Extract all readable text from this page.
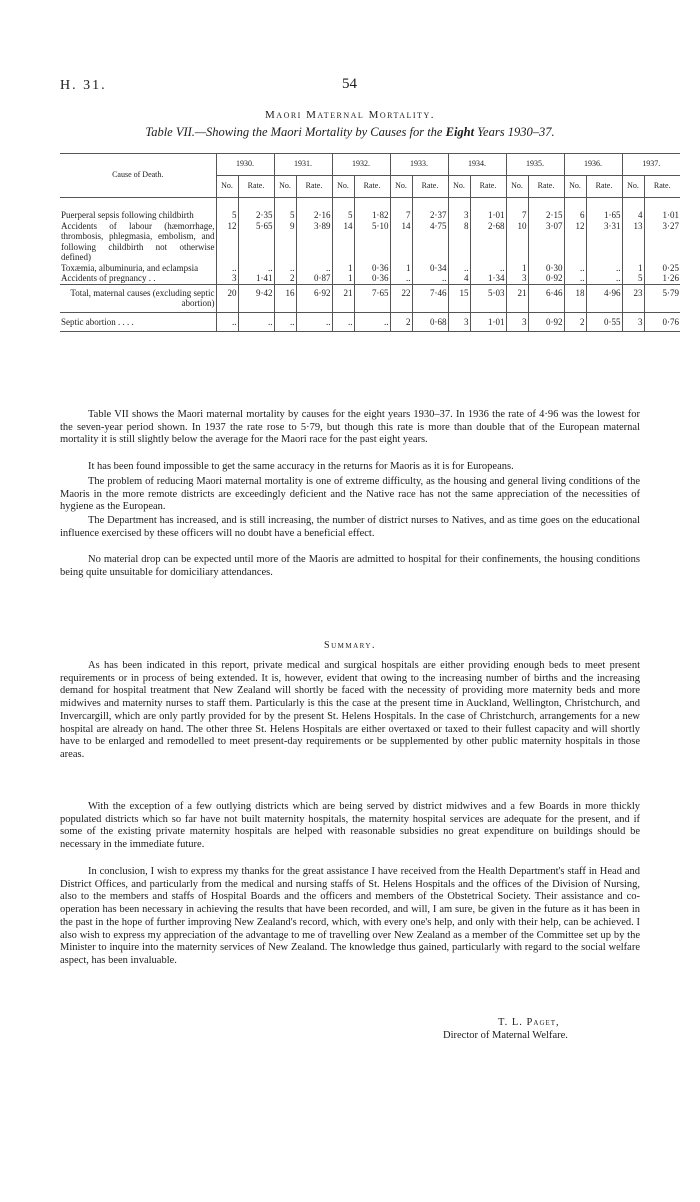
H. 31.	54
Maori Maternal Mortality.
Table VII.—Showing the Maori Mortality by Causes for the Eight Years 1930–37.
Cause of Death.	1930.		1931.		1932.		1933.		1934.		1935.		1936.		1937.	
	No.	Rate.	No.	Rate.	No.	Rate.	No.	Rate.	No.	Rate.	No.	Rate.	No.	Rate.	No.	Rate.
Puerperal sepsis following childbirth	5	2·35	5	2·16	5	1·82	7	2·37	3	1·01	7	2·15	6	1·65	4	1·01
Accidents of labour (hæmorrhage, thrombosis, phlegmasia, embolism, and following childbirth not otherwise defined)	12	5·65	9	3·89	14	5·10	14	4·75	8	2·68	10	3·07	12	3·31	13	3·27
Toxæmia, albuminuria, and eclampsia	..	..	..	..	1	0·36	1	0·34	..	..	1	0·30	..	..	1	0·25
Accidents of pregnancy . .	3	1·41	2	0·87	1	0·36	..	..	4	1·34	3	0·92	..	..	5	1·26
Total, maternal causes (excluding septic abortion)	20	9·42	16	6·92	21	7·65	22	7·46	15	5·03	21	6·46	18	4·96	23	5·79
Septic abortion . . . .	..	..	..	..	..	..	2	0·68	3	1·01	3	0·92	2	0·55	3	0·76

Table VII shows the Maori maternal mortality by causes for the eight years 1930–37. In 1936 the rate of 4·96 was the lowest for the seven-year period shown. In 1937 the rate rose to 5·79, but though this rate is more than double that of the European maternal mortality it is still slightly below the average for the Maori race for the past eight years.

It has been found impossible to get the same accuracy in the returns for Maoris as it is for Europeans.

The problem of reducing Maori maternal mortality is one of extreme difficulty, as the housing and general living conditions of the Maoris in the more remote districts are exceedingly deficient and the Native race has not the same appreciation of the necessities of hygiene as the European.

The Department has increased, and is still increasing, the number of district nurses to Natives, and as time goes on the educational influence exercised by these officers will no doubt have a beneficial effect.

No material drop can be expected until more of the Maoris are admitted to hospital for their confinements, the housing conditions being quite unsuitable for domiciliary attendances.

Summary.

As has been indicated in this report, private medical and surgical hospitals are either providing enough beds to meet present requirements or in process of being extended. It is, however, evident that owing to the increasing number of births and the increasing demand for hospital treatment that New Zealand will shortly be faced with the necessity of providing more maternity beds and more midwives and maternity nurses to staff them. Particularly is this the case at the present time in Auckland, Wellington, Christchurch, and Invercargill, which are only partly provided for by the present St. Helens Hospitals. In the case of Christchurch, arrangements for a new hospital are already on hand. The other three St. Helens Hospitals are either overtaxed or taxed to their fullest capacity and will shortly have to be enlarged and remodelled to meet present-day requirements or be supplemented by other public maternity hospitals in those areas.

With the exception of a few outlying districts which are being served by district midwives and a few Boards in more thickly populated districts which so far have not built maternity hospitals, the maternity hospital services are adequate for the present, and if some of the existing private maternity hospitals are helped with reasonable subsidies no great expenditure on buildings should be necessary in the immediate future.

In conclusion, I wish to express my thanks for the great assistance I have received from the Health Department's staff in Head and District Offices, and particularly from the medical and nursing staffs of St. Helens Hospitals and the offices of the Division of Nursing, also to the members and staffs of Hospital Boards and the officers and members of the Obstetrical Society. Their assistance and co-operation has been necessary in achieving the results that have been recorded, and will, I am sure, be given in the future as it has been in the past in the hope of further improving New Zealand's record, which, with every one's help, and only with their help, can be achieved. I also wish to express my appreciation of the advantage to me of travelling over New Zealand as a member of the Committee set up by the Minister to inquire into the maternity services of New Zealand. The knowledge thus gained, particularly with regard to the social welfare aspect, has been invaluable.

T. L. Paget,
Director of Maternal Welfare.
